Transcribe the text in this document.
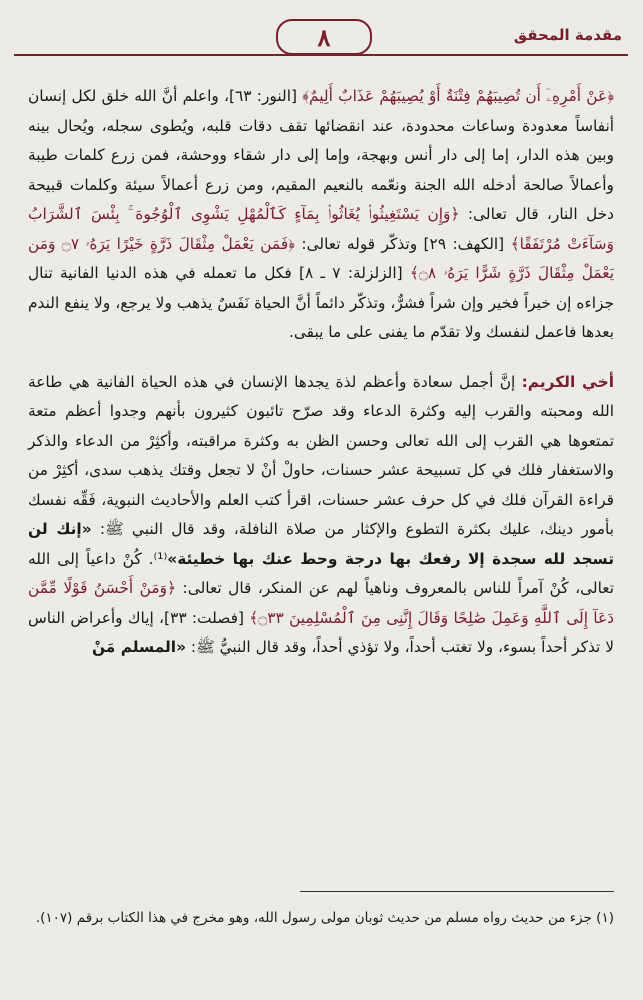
مقدمة المحقق
٨

﴿عَنْ أَمْرِهِۦٓ أَن تُصِيبَهُمْ فِتْنَةٌ أَوْ يُصِيبَهُمْ عَذَابٌ أَلِيمٌ﴾ [النور: ٦٣]، واعلم أنَّ الله خلق لكل إنسان أنفاساً معدودة وساعات محدودة، عند انقضائها تقف دقات قلبه، ويُطوى سجله، ويُحال بينه وبين هذه الدار، إما إلى دار أنس وبهجة، وإما إلى دار شقاء ووحشة، فمن زرع كلمات طيبة وأعمالاً صالحة أدخله الله الجنة ونعّمه بالنعيم المقيم، ومن زرع أعمالاً سيئة وكلمات قبيحة دخل النار، قال تعالى: ﴿وَإِن يَسْتَغِيثُوا۟ يُغَاثُوا۟ بِمَآءٍ كَٱلْمُهْلِ يَشْوِى ٱلْوُجُوهَ ۚ بِئْسَ ٱلشَّرَابُ وَسَآءَتْ مُرْتَفَقًا﴾ [الكهف: ٢٩] وتذكّر قوله تعالى: ﴿فَمَن يَعْمَلْ مِثْقَالَ ذَرَّةٍ خَيْرًا يَرَهُۥ ۝٧ وَمَن يَعْمَلْ مِثْقَالَ ذَرَّةٍ شَرًّا يَرَهُۥ ۝٨﴾ [الزلزلة: ٧ ـ ٨] فكل ما تعمله في هذه الدنيا الفانية تنال جزاءه إن خيراً فخير وإن شراً فشرٌّ، وتذكّر دائماً أنَّ الحياة نَفَسٌ يذهب ولا يرجع، ولا ينفع الندم بعدها فاعمل لنفسك ولا تقدّم ما يفنى على ما يبقى.

أخي الكريم: إنَّ أجمل سعادة وأعظم لذة يجدها الإنسان في هذه الحياة الفانية هي طاعة الله ومحبته والقرب إليه وكثرة الدعاء وقد صرّح تائبون كثيرون بأنهم وجدوا أعظم متعة تمتعوها هي القرب إلى الله تعالى وحسن الظن به وكثرة مراقبته، وأكثِرْ من الدعاء والذكر والاستغفار فلك في كل تسبيحة عشر حسنات، حاولْ أنْ لا تجعل وقتك يذهب سدى، أكثِرْ من قراءة القرآن فلك في كل حرف عشر حسنات، اقرأ كتب العلم والأحاديث النبوية، فَقِّه نفسك بأمور دينك، عليك بكثرة التطوع والإكثار من صلاة النافلة، وقد قال النبي ﷺ: «إنك لن تسجد لله سجدة إلا رفعك بها درجة وحط عنك بها خطيئة»⁽¹⁾. كُنْ داعياً إلى الله تعالى، كُنْ آمراً للناس بالمعروف وناهياً لهم عن المنكر، قال تعالى: ﴿وَمَنْ أَحْسَنُ قَوْلًا مِّمَّن دَعَآ إِلَى ٱللَّهِ وَعَمِلَ صَٰلِحًا وَقَالَ إِنَّنِى مِنَ ٱلْمُسْلِمِينَ ۝٣٣﴾ [فصلت: ٣٣]، إياك وأعراض الناس لا تذكر أحداً بسوء، ولا تغتب أحداً، ولا تؤذي أحداً، وقد قال النبيُّ ﷺ: «المسلم مَنْ

(١) جزء من حديث رواه مسلم من حديث ثوبان مولى رسول الله، وهو مخرج في هذا الكتاب برقم (١٠٧).
